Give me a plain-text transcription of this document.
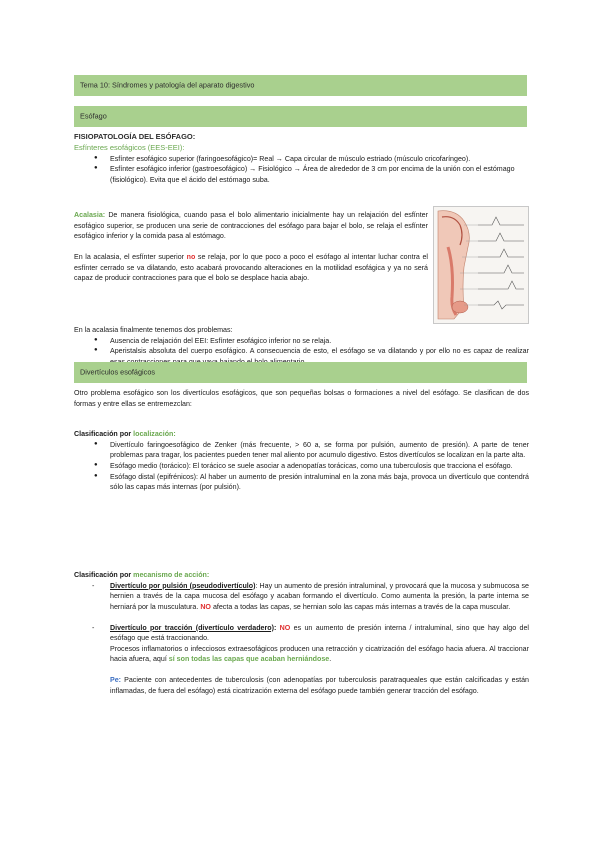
Tema 10: Síndromes y patología del aparato digestivo
Esófago
FISIOPATOLOGÍA DEL ESÓFAGO:
Esfínteres esofágicos (EES-EEI):
● Esfínter esofágico superior (faringoesofágico)= Real → Capa circular de músculo estriado (músculo cricofaríngeo).
● Esfínter esofágico inferior (gastroesofágico) → Fisiológico → Área de alrededor de 3 cm por encima de la unión con el estómago (fisiológico). Evita que el ácido del estómago suba.

Acalasia: De manera fisiológica, cuando pasa el bolo alimentario inicialmente hay un relajación del esfínter esofágico superior, se producen una serie de contracciones del esófago para bajar el bolo, se relaja el esfínter esofágico inferior y la comida pasa al estómago.

En la acalasia, el esfínter superior no se relaja, por lo que poco a poco el esófago al intentar luchar contra el esfínter cerrado se va dilatando, esto acabará provocando alteraciones en la motilidad esofágica y ya no será capaz de producir contracciones para que el bolo se desplace hacia abajo.

En la acalasia finalmente tenemos dos problemas:

● Ausencia de relajación del EEI: Esfínter esofágico inferior no se relaja.
● Aperistalsis absoluta del cuerpo esofágico. A consecuencia de esto, el esófago se va dilatando y por ello no es capaz de realizar
Divertículos esofágicos

Otro problema esofágico son los divertículos esofágicos, que son pequeñas bolsas o formaciones a nivel del esófago. Se clasifican de dos formas y entre ellas se entremezclan:

Clasificación por localización:

● Divertículo faringoesofágico de Zenker (más frecuente, > 60 a, se forma por pulsión, aumento de presión). A parte de tener problemas para tragar, los pacientes pueden tener mal aliento por acumulo digestivo. Estos divertículos se localizan en la parte alta.
● Esófago medio (torácico): El torácico se suele asociar a adenopatías torácicas, como una tuberculosis que tracciona el esófago.
● Esófago distal (epifrénicos): Al haber un aumento de presión intraluminal en la zona más baja, provoca un divertículo que contendrá sólo las capas más internas (por pulsión).

Clasificación por mecanismo de acción:

- Divertículo por pulsión (pseudodivertículo): Hay un aumento de presión intraluminal, y provocará que la mucosa y submucosa se hernien a través de la capa mucosa del esófago y acaban formando el divertículo. Como aumenta la presión, la parte interna se herniará por la musculatura. NO afecta a todas las capas, se hernian solo las capas más internas a través de la capa muscular.
- Divertículo por tracción (divertículo verdadero): NO es un aumento de presión interna / intraluminal, sino que hay algo del esófago que está traccionando.
Procesos inflamatorios o infecciosos extraesofágicos producen una retracción y cicatrización del esófago hacia afuera. Al traccionar hacia afuera, aquí sí son todas las capas que acaban herniándose.
Pe: Paciente con antecedentes de tuberculosis (con adenopatías por tuberculosis paratraqueales que están calcificadas y están inflamadas, de fuera del esófago) está cicatrización externa del esófago puede también generar tracción del esófago.
